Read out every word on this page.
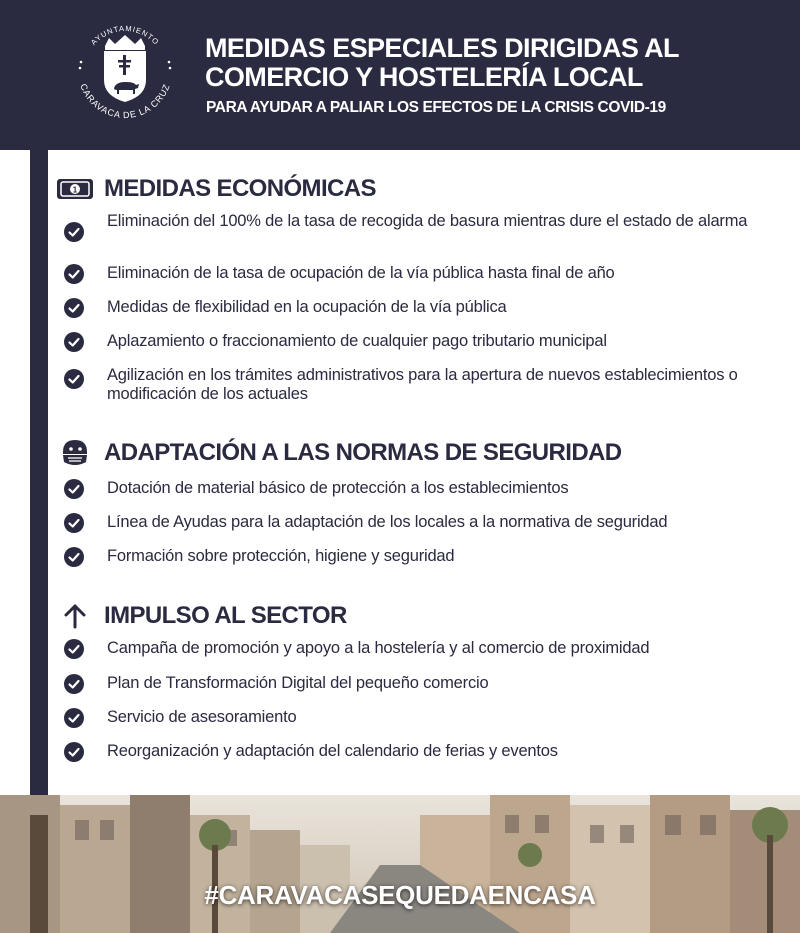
AYUNTAMIENTO
CARAVACA DE LA CRUZ
MEDIDAS ESPECIALES DIRIGIDAS AL
COMERCIO Y HOSTELERÍA LOCAL
PARA AYUDAR A PALIAR LOS EFECTOS DE LA CRISIS COVID-19
1 MEDIDAS ECONÓMICAS
Eliminación del 100% de la tasa de recogida de basura mientras dure el estado de alarma
Eliminación de la tasa de ocupación de la vía pública hasta final de año
Medidas de flexibilidad en la ocupación de la vía pública
Aplazamiento o fraccionamiento de cualquier pago tributario municipal
Agilización en los trámites administrativos para la apertura de nuevos establecimientos o modificación de los actuales
ADAPTACIÓN A LAS NORMAS DE SEGURIDAD
Dotación de material básico de protección a los establecimientos
Línea de Ayudas para la adaptación de los locales a la normativa de seguridad
Formación sobre protección, higiene y seguridad
IMPULSO AL SECTOR
Campaña de promoción y apoyo a la hostelería y al comercio de proximidad
Plan de Transformación Digital del pequeño comercio
Servicio de asesoramiento
Reorganización y adaptación del calendario de ferias y eventos
#CARAVACASEQUEDAENCASA
